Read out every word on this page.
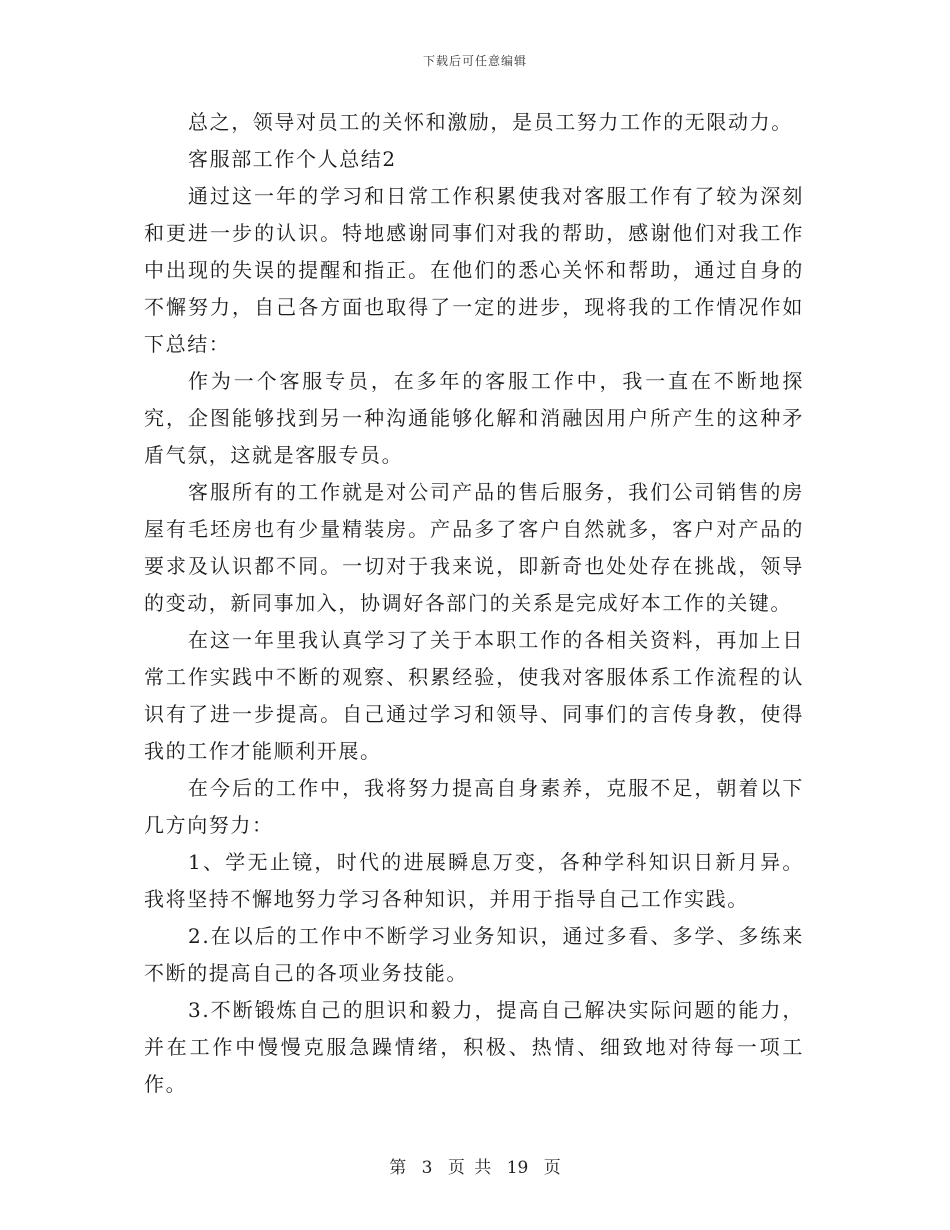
下载后可任意编辑

总之，领导对员工的关怀和激励，是员工努力工作的无限动力。

客服部工作个人总结2

通过这一年的学习和日常工作积累使我对客服工作有了较为深刻和更进一步的认识。特地感谢同事们对我的帮助，感谢他们对我工作中出现的失误的提醒和指正。在他们的悉心关怀和帮助，通过自身的不懈努力，自己各方面也取得了一定的进步，现将我的工作情况作如下总结：

作为一个客服专员，在多年的客服工作中，我一直在不断地探究，企图能够找到另一种沟通能够化解和消融因用户所产生的这种矛盾气氛，这就是客服专员。

客服所有的工作就是对公司产品的售后服务，我们公司销售的房屋有毛坯房也有少量精装房。产品多了客户自然就多，客户对产品的要求及认识都不同。一切对于我来说，即新奇也处处存在挑战，领导的变动，新同事加入，协调好各部门的关系是完成好本工作的关键。

在这一年里我认真学习了关于本职工作的各相关资料，再加上日常工作实践中不断的观察、积累经验，使我对客服体系工作流程的认识有了进一步提高。自己通过学习和领导、同事们的言传身教，使得我的工作才能顺利开展。

在今后的工作中，我将努力提高自身素养，克服不足，朝着以下几方向努力：

1、学无止镜，时代的进展瞬息万变，各种学科知识日新月异。我将坚持不懈地努力学习各种知识，并用于指导自己工作实践。

2.在以后的工作中不断学习业务知识，通过多看、多学、多练来不断的提高自己的各项业务技能。

3.不断锻炼自己的胆识和毅力，提高自己解决实际问题的能力，并在工作中慢慢克服急躁情绪，积极、热情、细致地对待每一项工作。

第 3 页 共 19 页
